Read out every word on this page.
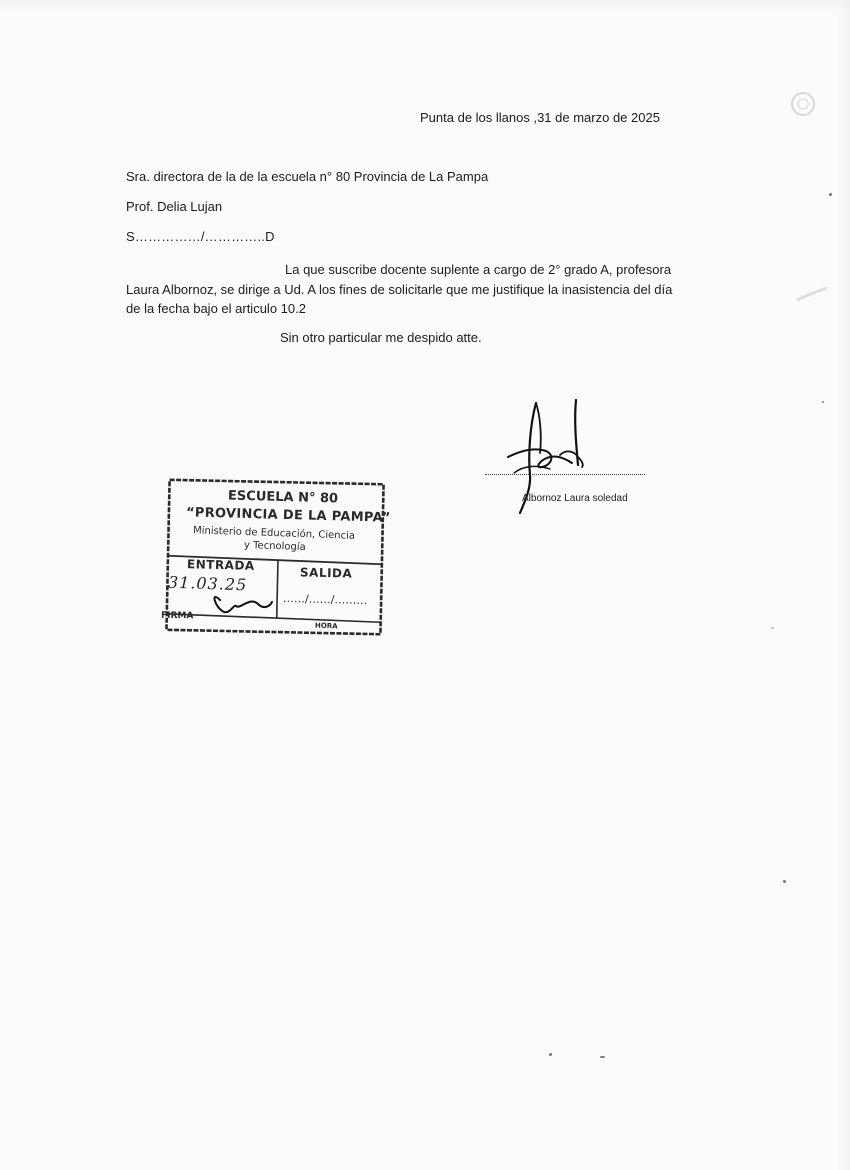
Punta de los llanos ,31 de marzo de 2025
Sra. directora de la de la escuela n° 80 Provincia de La Pampa
Prof. Delia Lujan
S……………/…………..D
La que suscribe docente suplente a cargo de 2° grado A, profesora
Laura Albornoz, se dirige a Ud. A los fines de solicitarle que me justifique la inasistencia del día
de la fecha bajo el articulo 10.2
Sin otro particular me despido atte.
Albornoz Laura soledad
ESCUELA N° 80
“PROVINCIA DE LA PAMPA”
Ministerio de Educación, Ciencia
y Tecnología
ENTRADA
SALIDA
31.03.25
……/……/………
FIRMA
HORA
